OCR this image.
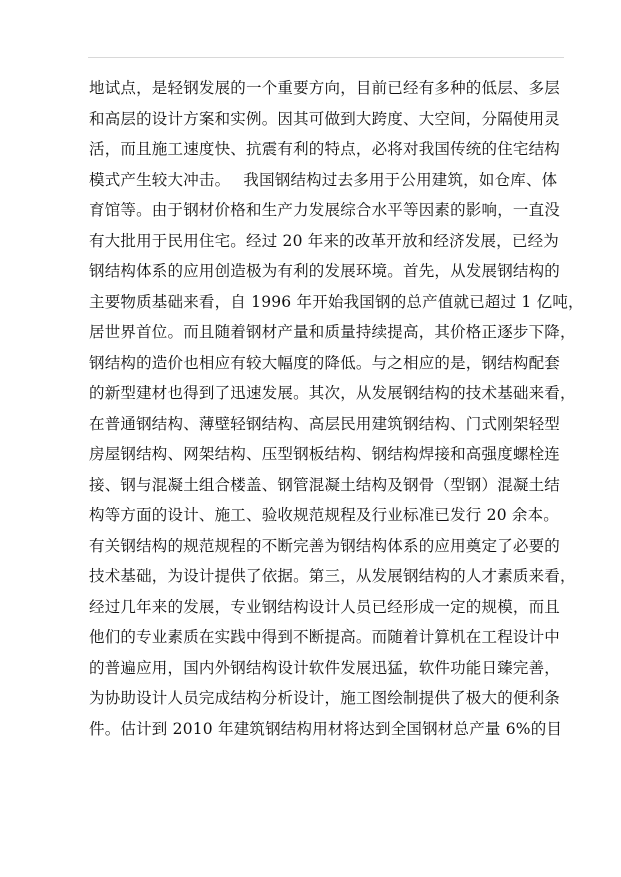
地试点，是轻钢发展的一个重要方向，目前已经有多种的低层、多层
和高层的设计方案和实例。因其可做到大跨度、大空间，分隔使用灵
活，而且施工速度快、抗震有利的特点，必将对我国传统的住宅结构
模式产生较大冲击。　 我国钢结构过去多用于公用建筑，如仓库、体
育馆等。由于钢材价格和生产力发展综合水平等因素的影响，一直没
有大批用于民用住宅。经过 20 年来的改革开放和经济发展，已经为
钢结构体系的应用创造极为有利的发展环境。首先，从发展钢结构的
主要物质基础来看，自 1996 年开始我国钢的总产值就已超过 1 亿吨，
居世界首位。而且随着钢材产量和质量持续提高，其价格正逐步下降，
钢结构的造价也相应有较大幅度的降低。与之相应的是，钢结构配套
的新型建材也得到了迅速发展。其次，从发展钢结构的技术基础来看，
在普通钢结构、薄壁轻钢结构、高层民用建筑钢结构、门式刚架轻型
房屋钢结构、网架结构、压型钢板结构、钢结构焊接和高强度螺栓连
接、钢与混凝土组合楼盖、钢管混凝土结构及钢骨（型钢）混凝土结
构等方面的设计、施工、验收规范规程及行业标准已发行 20 余本。
有关钢结构的规范规程的不断完善为钢结构体系的应用奠定了必要的
技术基础，为设计提供了依据。第三，从发展钢结构的人才素质来看，
经过几年来的发展，专业钢结构设计人员已经形成一定的规模，而且
他们的专业素质在实践中得到不断提高。而随着计算机在工程设计中
的普遍应用，国内外钢结构设计软件发展迅猛，软件功能日臻完善，
为协助设计人员完成结构分析设计，施工图绘制提供了极大的便利条
件。估计到 2010 年建筑钢结构用材将达到全国钢材总产量 6%的目
